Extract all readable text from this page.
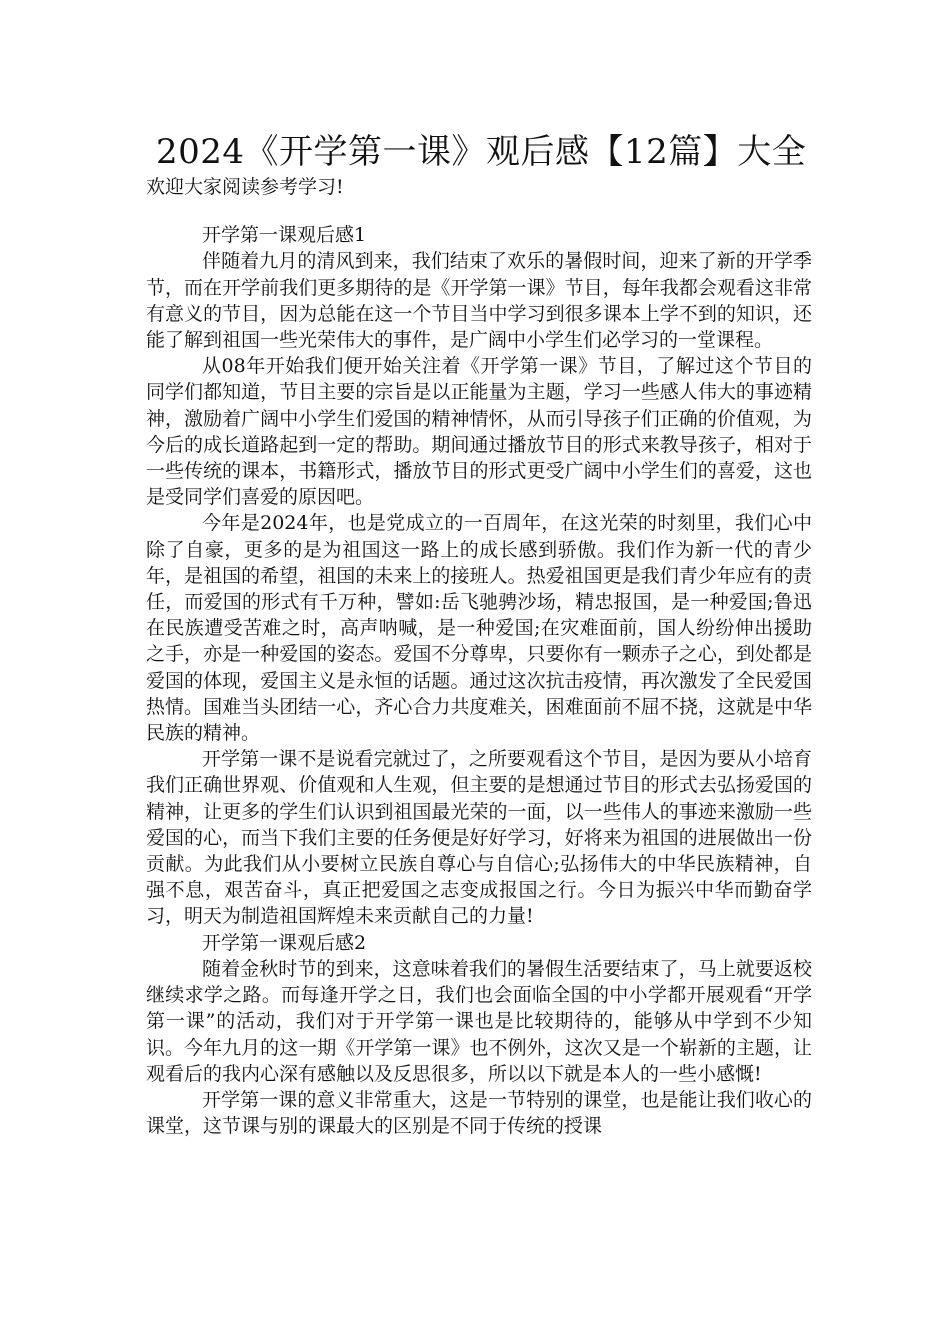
2024《开学第一课》观后感【12篇】大全

欢迎大家阅读参考学习!

开学第一课观后感1

伴随着九月的清风到来，我们结束了欢乐的暑假时间，迎来了新的开学季节，而在开学前我们更多期待的是《开学第一课》节目，每年我都会观看这非常有意义的节目，因为总能在这一个节目当中学习到很多课本上学不到的知识，还能了解到祖国一些光荣伟大的事件，是广阔中小学生们必学习的一堂课程。

从08年开始我们便开始关注着《开学第一课》节目，了解过这个节目的同学们都知道，节目主要的宗旨是以正能量为主题，学习一些感人伟大的事迹精神，激励着广阔中小学生们爱国的精神情怀，从而引导孩子们正确的价值观，为今后的成长道路起到一定的帮助。期间通过播放节目的形式来教导孩子，相对于一些传统的课本，书籍形式，播放节目的形式更受广阔中小学生们的喜爱，这也是受同学们喜爱的原因吧。

今年是2024年，也是党成立的一百周年，在这光荣的时刻里，我们心中除了自豪，更多的是为祖国这一路上的成长感到骄傲。我们作为新一代的青少年，是祖国的希望，祖国的未来上的接班人。热爱祖国更是我们青少年应有的责任，而爱国的形式有千万种，譬如:岳飞驰骋沙场，精忠报国，是一种爱国;鲁迅在民族遭受苦难之时，高声呐喊，是一种爱国;在灾难面前，国人纷纷伸出援助之手，亦是一种爱国的姿态。爱国不分尊卑，只要你有一颗赤子之心，到处都是爱国的体现，爱国主义是永恒的话题。通过这次抗击疫情，再次激发了全民爱国热情。国难当头团结一心，齐心合力共度难关，困难面前不屈不挠，这就是中华民族的精神。

开学第一课不是说看完就过了，之所要观看这个节目，是因为要从小培育我们正确世界观、价值观和人生观，但主要的是想通过节目的形式去弘扬爱国的精神，让更多的学生们认识到祖国最光荣的一面，以一些伟人的事迹来激励一些爱国的心，而当下我们主要的任务便是好好学习，好将来为祖国的进展做出一份贡献。为此我们从小要树立民族自尊心与自信心;弘扬伟大的中华民族精神，自强不息，艰苦奋斗，真正把爱国之志变成报国之行。今日为振兴中华而勤奋学习，明天为制造祖国辉煌未来贡献自己的力量!

开学第一课观后感2

随着金秋时节的到来，这意味着我们的暑假生活要结束了，马上就要返校继续求学之路。而每逢开学之日，我们也会面临全国的中小学都开展观看“开学第一课”的活动，我们对于开学第一课也是比较期待的，能够从中学到不少知识。今年九月的这一期《开学第一课》也不例外，这次又是一个崭新的主题，让观看后的我内心深有感触以及反思很多，所以以下就是本人的一些小感慨!

开学第一课的意义非常重大，这是一节特别的课堂，也是能让我们收心的课堂，这节课与别的课最大的区别是不同于传统的授课
